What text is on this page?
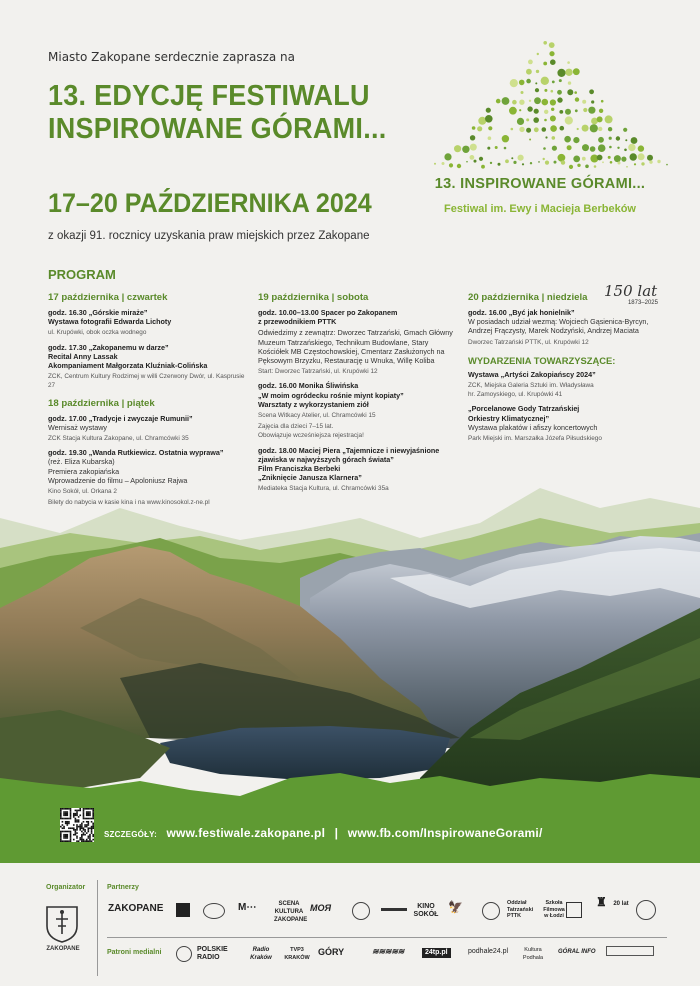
Miasto Zakopane serdecznie zaprasza na
13. EDYCJĘ FESTIWALU
INSPIROWANE GÓRAMI...
17–20 PAŹDZIERNIKA 2024
z okazji 91. rocznicy uzyskania praw miejskich przez Zakopane
13. INSPIROWANE GÓRAMI...
Festiwal im. Ewy i Macieja Berbeków
PROGRAM
17 października | czwartek
godz. 16.30 „Górskie miraże”
Wystawa fotografii Edwarda Lichoty
ul. Krupówki, obok oczka wodnego
godz. 17.30 „Zakopanemu w darze”
Recital Anny Lassak
Akompaniament Małgorzata Kluźniak-Colińska
ZCK, Centrum Kultury Rodzimej w willi Czerwony Dwór, ul. Kasprusie 27
18 października | piątek
godz. 17.00 „Tradycje i zwyczaje Rumunii”
Wernisaż wystawy
ZCK Stacja Kultura Zakopane, ul. Chramcówki 35
godz. 19.30 „Wanda Rutkiewicz. Ostatnia wyprawa”
(reż. Eliza Kubarska)
Premiera zakopiańska
Wprowadzenie do filmu – Apoloniusz Rajwa
Kino Sokół, ul. Orkana 2
Bilety do nabycia w kasie kina i na www.kinosokol.z-ne.pl
19 października | sobota
godz. 10.00–13.00 Spacer po Zakopanem
z przewodnikiem PTTK
Odwiedzimy z zewnątrz: Dworzec Tatrzański, Gmach Główny Muzeum Tatrzańskiego, Technikum Budowlane, Stary Kościółek MB Częstochowskiej, Cmentarz Zasłużonych na Pęksowym Brzyzku, Restaurację u Wnuka, Willę Koliba
Start: Dworzec Tatrzański, ul. Krupówki 12
godz. 16.00 Monika Śliwińska
„W moim ogródecku rośnie miynt kopiaty”
Warsztaty z wykorzystaniem ziół
Scena Witkacy Atelier, ul. Chramcówki 15
Zajęcia dla dzieci 7–15 lat.
Obowiązuje wcześniejsza rejestracja!
godz. 18.00 Maciej Piera „Tajemnicze i niewyjaśnione zjawiska w najwyższych górach świata”
Film Franciszka Berbeki
„Zniknięcie Janusza Klarnera”
Mediateka Stacja Kultura, ul. Chramcówki 35a
20 października | niedziela
godz. 16.00 „Być jak honielnik”
W posiadach udział wezmą: Wojciech Gąsienica-Byrcyn, Andrzej Frączysty, Marek Nodzyński, Andrzej Maciata
Dworzec Tatrzański PTTK, ul. Krupówki 12
WYDARZENIA TOWARZYSZĄCE:
Wystawa „Artyści Zakopiańscy 2024”
ZCK, Miejska Galeria Sztuki im. Władysława
hr. Zamoyskiego, ul. Krupówki 41
„Porcelanowe Gody Tatrzańskiej
Orkiestry Klimatycznej”
Wystawa plakatów i afiszy koncertowych
Park Miejski im. Marszałka Józefa Piłsudskiego
150 lat
1873–2025
SZCZEGÓŁY: www.festiwale.zakopane.pl | www.fb.com/InspirowaneGorami/
Organizator	Partnerzy
Patroni medialni
ZAKOPANE
ZAKOPANE	M⋯	SCENA KULTURA ZAKOPANE
MOЯ	KINO SOKÓŁ
🦅	Oddział Tatrzański PTTK
Szkoła Filmowa w Łodzi
♜	20 lat
POLSKIE RADIO
Radio Kraków
TVP3 KRAKÓW
GÓRY	≋≋≋≋≋	24tp.pl	podhale24.pl	Kultura Podhala
GÓRAL INFO
